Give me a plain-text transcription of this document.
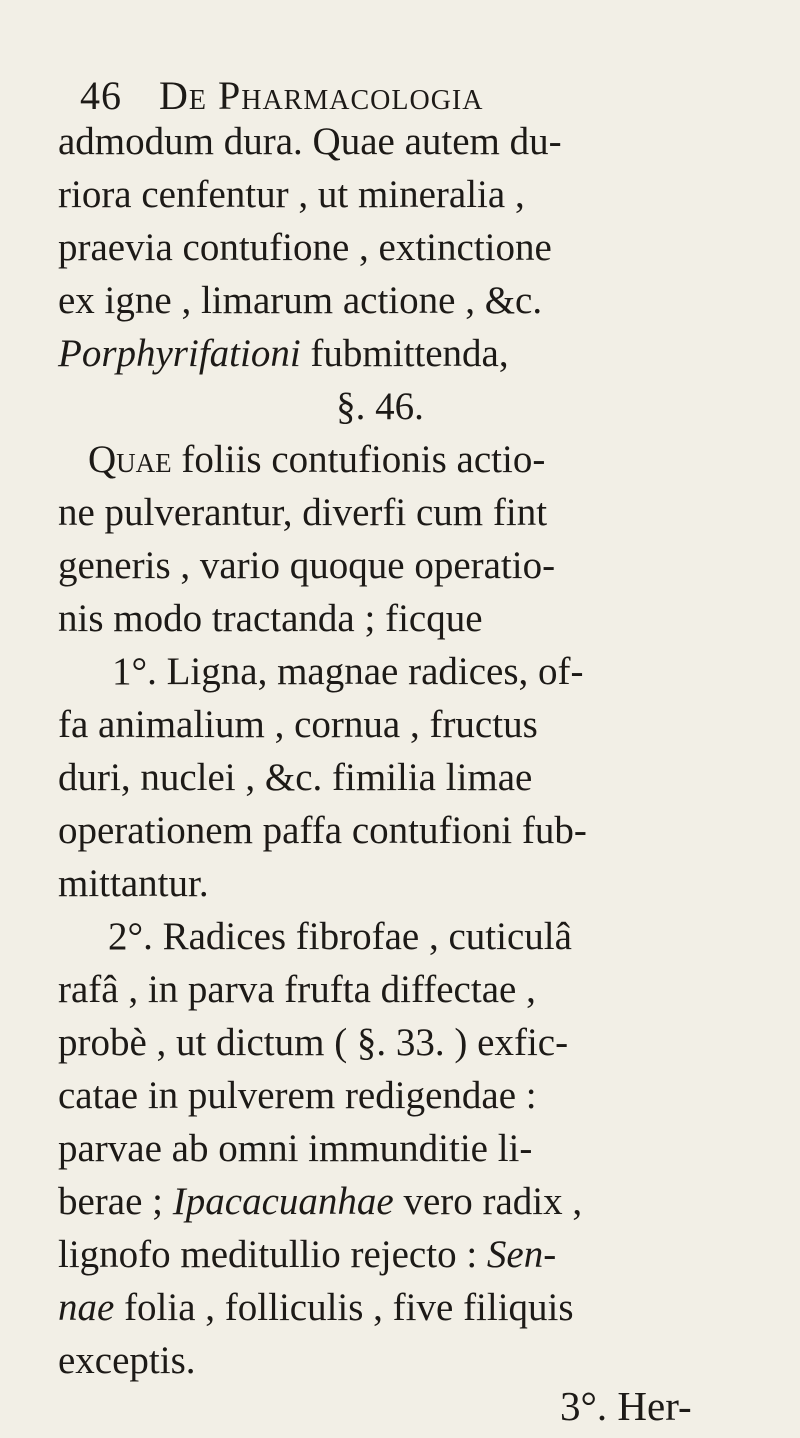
46 De Pharmacologia
admodum dura. Quae autem du-
riora cenfentur , ut mineralia ,
praevia contufione , extinctione
ex igne , limarum actione , &c.
Porphyrifationi fubmittenda,
§. 46.
Quae foliis contufionis actio-
ne pulverantur, diverfi cum fint
generis , vario quoque operatio-
nis modo tractanda ; ficque
1°. Ligna, magnae radices, of-
fa animalium , cornua , fructus
duri, nuclei , &c. fimilia limae
operationem paffa contufioni fub-
mittantur.
2°. Radices fibrofae , cuticulâ
rafâ , in parva frufta diffectae ,
probè , ut dictum ( §. 33. ) exfic-
catae in pulverem redigendae :
parvae ab omni immunditie li-
berae ; Ipacacuanhae vero radix ,
lignofo meditullio rejecto : Sen-
nae folia , folliculis , five filiquis
exceptis.
3°. Her-
